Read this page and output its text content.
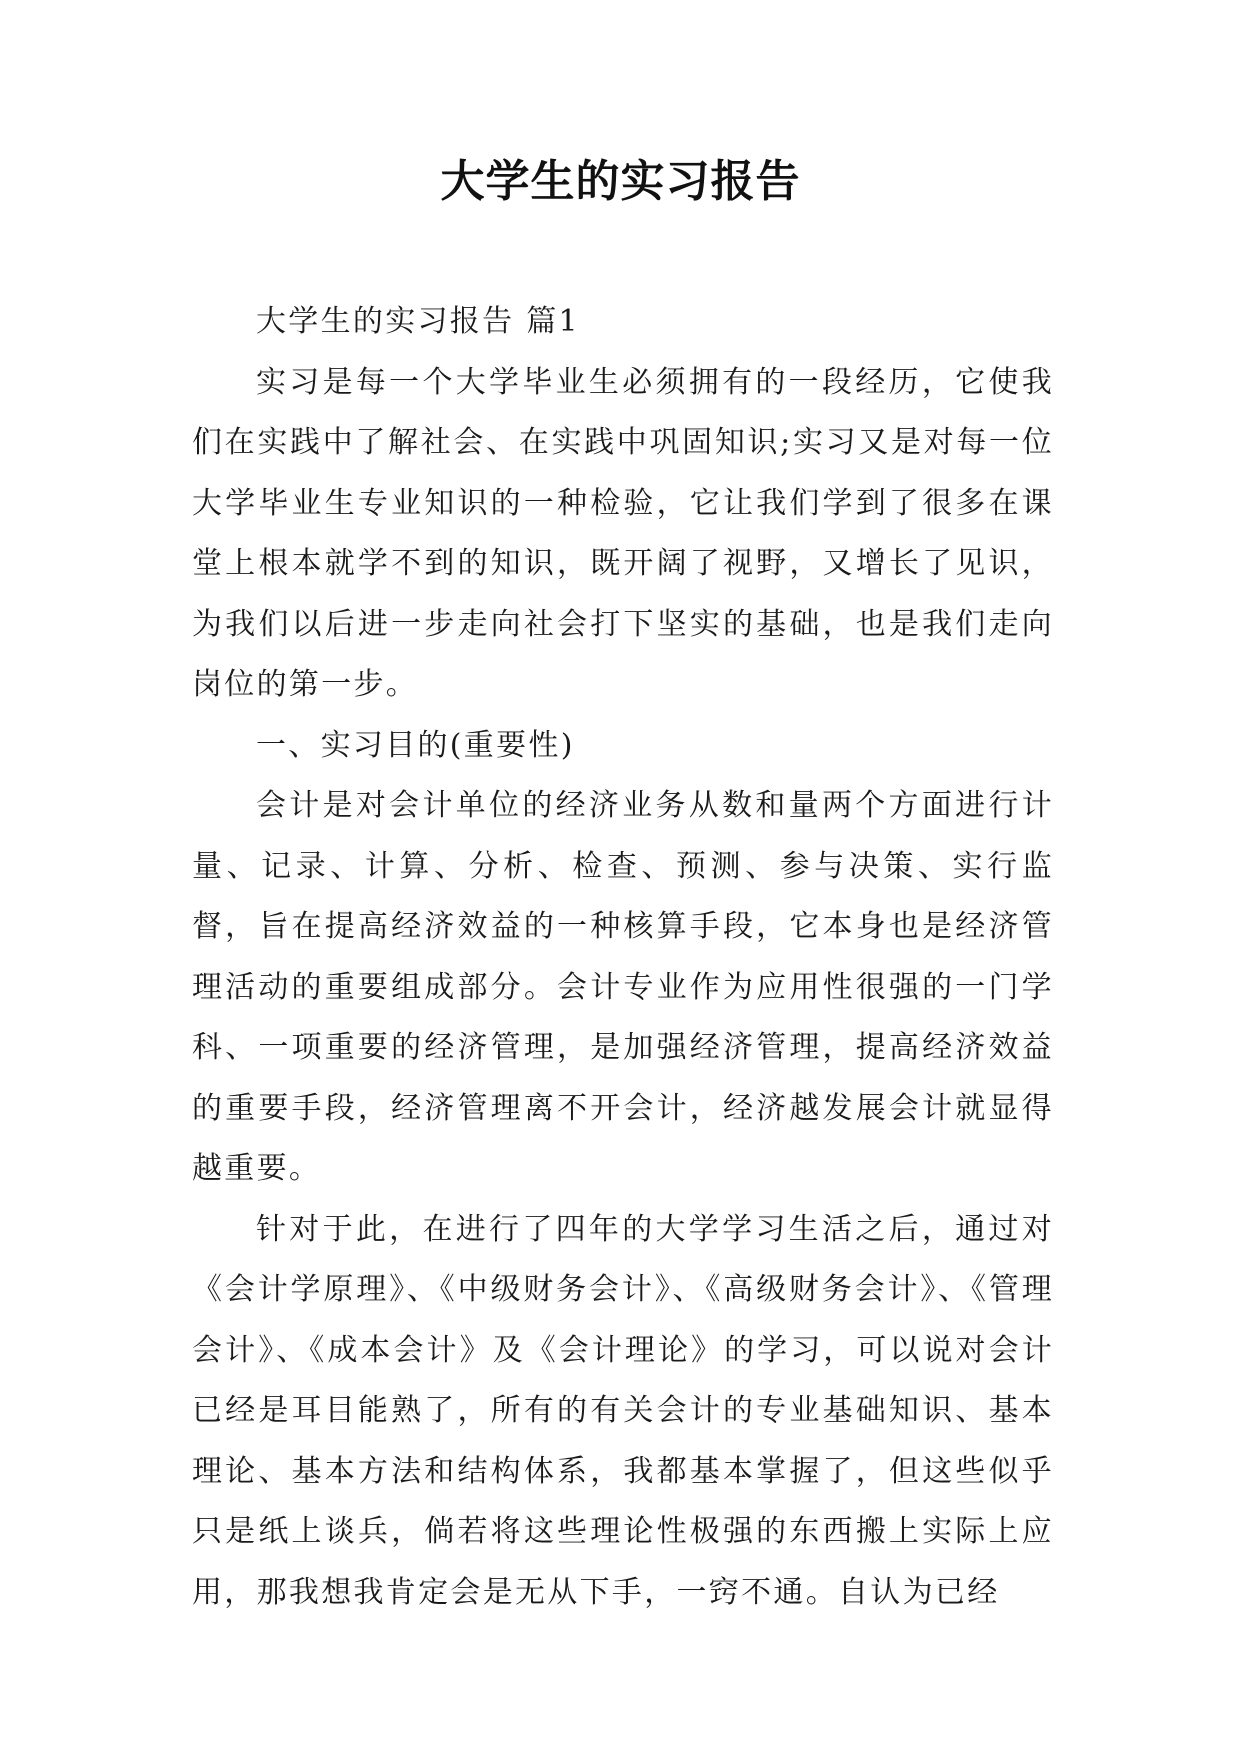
大学生的实习报告

大学生的实习报告 篇1

实习是每一个大学毕业生必须拥有的一段经历，它使我们在实践中了解社会、在实践中巩固知识;实习又是对每一位大学毕业生专业知识的一种检验，它让我们学到了很多在课堂上根本就学不到的知识，既开阔了视野，又增长了见识，为我们以后进一步走向社会打下坚实的基础，也是我们走向岗位的第一步。

一、实习目的(重要性)

会计是对会计单位的经济业务从数和量两个方面进行计量、记录、计算、分析、检查、预测、参与决策、实行监督，旨在提高经济效益的一种核算手段，它本身也是经济管理活动的重要组成部分。会计专业作为应用性很强的一门学科、一项重要的经济管理，是加强经济管理，提高经济效益的重要手段，经济管理离不开会计，经济越发展会计就显得越重要。

针对于此，在进行了四年的大学学习生活之后，通过对《会计学原理》、《中级财务会计》、《高级财务会计》、《管理会计》、《成本会计》及《会计理论》的学习，可以说对会计已经是耳目能熟了，所有的有关会计的专业基础知识、基本理论、基本方法和结构体系，我都基本掌握了，但这些似乎只是纸上谈兵，倘若将这些理论性极强的东西搬上实际上应用，那我想我肯定会是无从下手，一窍不通。自认为已经
